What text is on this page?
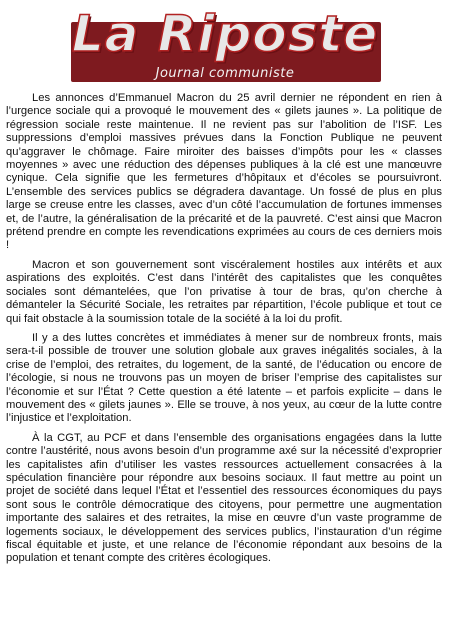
La Riposte
Journal communiste

Les annonces d’Emmanuel Macron du 25 avril dernier ne répondent en rien à l’urgence sociale qui a provoqué le mouvement des « gilets jaunes ». La politique de régression sociale reste maintenue. Il ne revient pas sur l’abolition de l’ISF. Les suppressions d’emploi massives prévues dans la Fonction Publique ne peuvent qu’aggraver le chômage. Faire miroiter des baisses d’impôts pour les « classes moyennes » avec une réduction des dépenses publiques à la clé est une manœuvre cynique. Cela signifie que les fermetures d’hôpitaux et d’écoles se poursuivront. L’ensemble des services publics se dégradera davantage. Un fossé de plus en plus large se creuse entre les classes, avec d’un côté l’accumulation de fortunes immenses et, de l’autre, la généralisation de la précarité et de la pauvreté. C’est ainsi que Macron prétend prendre en compte les revendications exprimées au cours de ces derniers mois !

Macron et son gouvernement sont viscéralement hostiles aux intérêts et aux aspirations des exploités. C’est dans l’intérêt des capitalistes que les conquêtes sociales sont démantelées, que l’on privatise à tour de bras, qu’on cherche à démanteler la Sécurité Sociale, les retraites par répartition, l’école publique et tout ce qui fait obstacle à la soumission totale de la société à la loi du profit.

Il y a des luttes concrètes et immédiates à mener sur de nombreux fronts, mais sera-t-il possible de trouver une solution globale aux graves inégalités sociales, à la crise de l’emploi, des retraites, du logement, de la santé, de l’éducation ou encore de l’écologie, si nous ne trouvons pas un moyen de briser l’emprise des capitalistes sur l’économie et sur l’État ? Cette question a été latente – et parfois explicite – dans le mouvement des « gilets jaunes ». Elle se trouve, à nos yeux, au cœur de la lutte contre l’injustice et l’exploitation.

À la CGT, au PCF et dans l’ensemble des organisations engagées dans la lutte contre l’austérité, nous avons besoin d’un programme axé sur la nécessité d’exproprier les capitalistes afin d’utiliser les vastes ressources actuellement consacrées à la spéculation financière pour répondre aux besoins sociaux. Il faut mettre au point un projet de société dans lequel l’État et l’essentiel des ressources économiques du pays sont sous le contrôle démocratique des citoyens, pour permettre une augmentation importante des salaires et des retraites, la mise en œuvre d’un vaste programme de logements sociaux, le développement des services publics, l’instauration d’un régime fiscal équitable et juste, et une relance de l’économie répondant aux besoins de la population et tenant compte des critères écologiques.
